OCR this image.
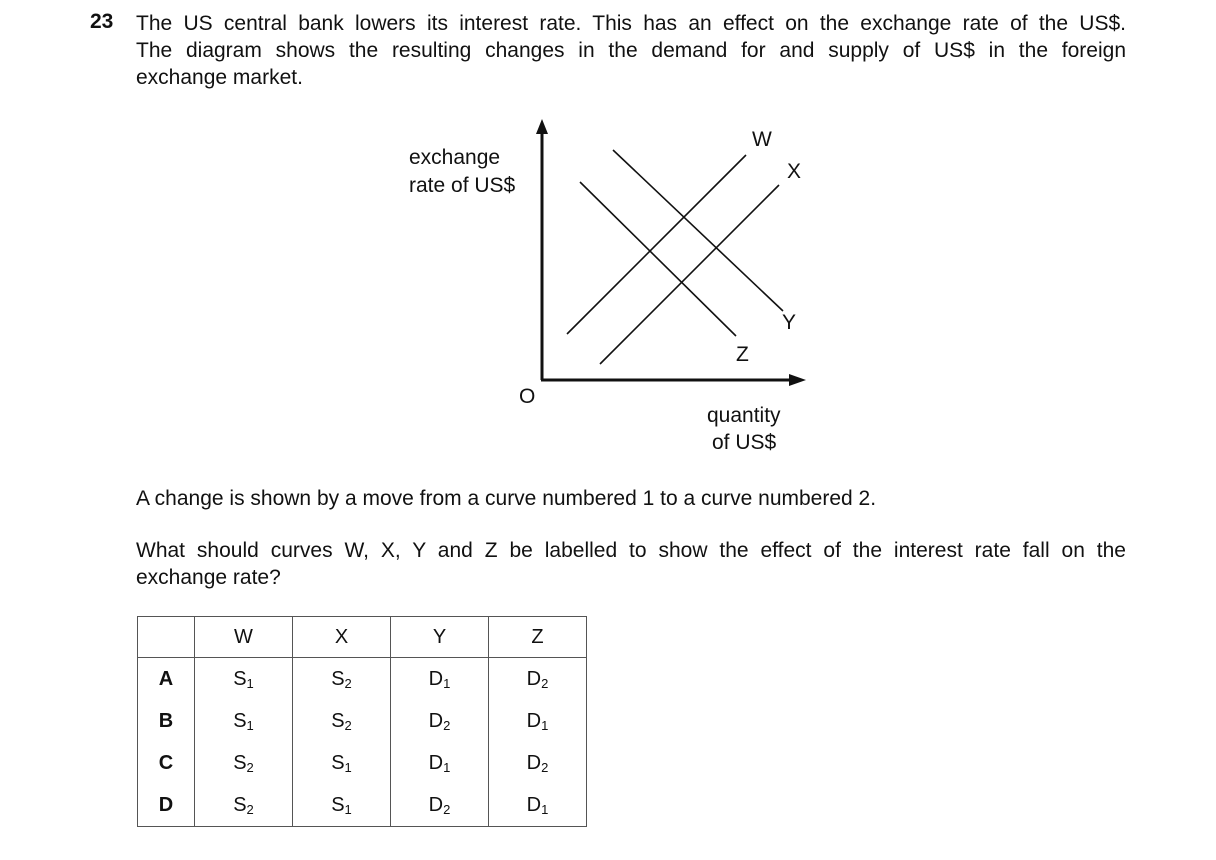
23 The US central bank lowers its interest rate. This has an effect on the exchange rate of the US$.
The diagram shows the resulting changes in the demand for and supply of US$ in the foreign
exchange market.
W
X
Y
Z
exchange
rate of US$
O
quantity
of US$
A change is shown by a move from a curve numbered 1 to a curve numbered 2.
What should curves W, X, Y and Z be labelled to show the effect of the interest rate fall on the
exchange rate?
	W	X	Y	Z
A	$S_1$	$S_2$	$D_1$	$D_2$
B	$S_1$	$S_2$	$D_2$	$D_1$
C	$S_2$	$S_1$	$D_1$	$D_2$
D	$S_2$	$S_1$	$D_2$	$D_1$
